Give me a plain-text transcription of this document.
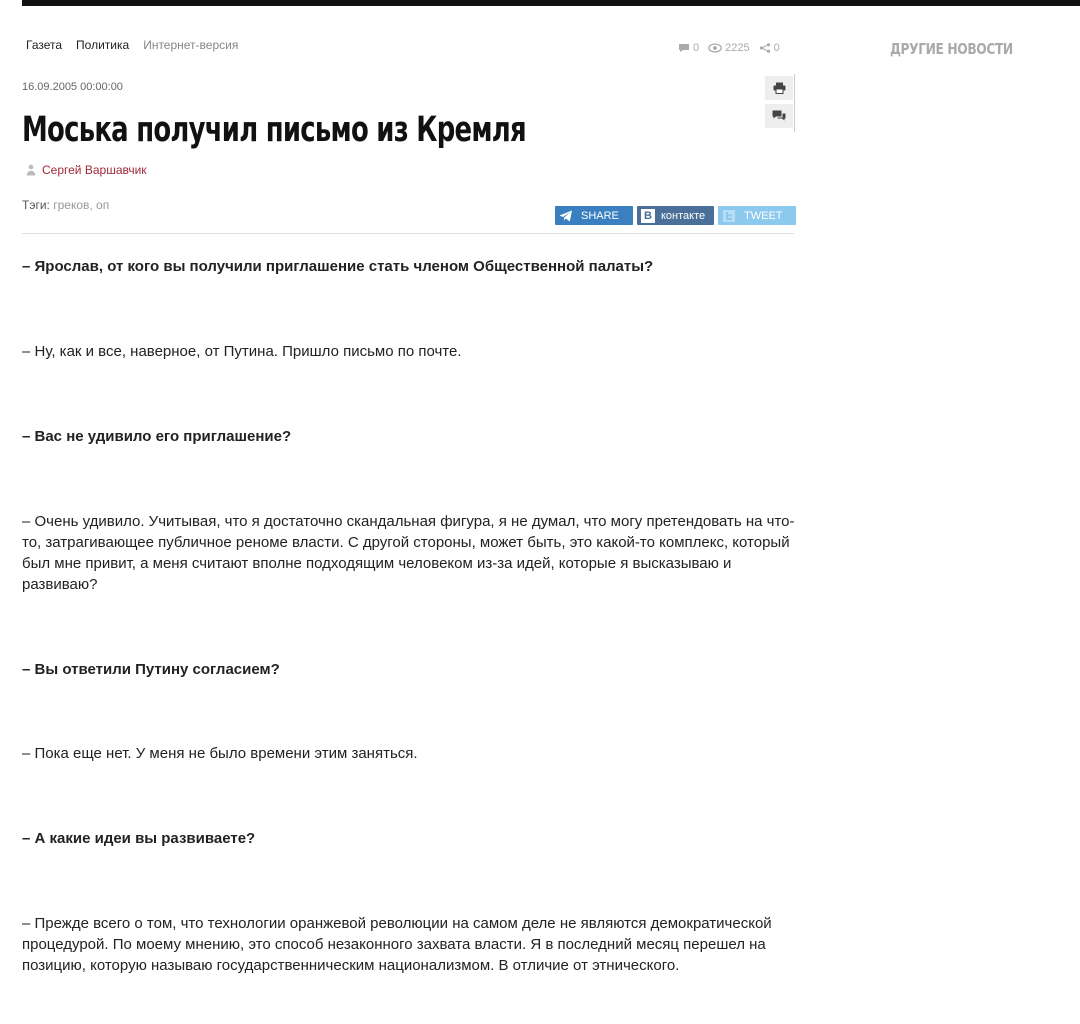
Газета Политика Интернет-версия	0 2225 0	ДРУГИЕ НОВОСТИ
16.09.2005 00:00:00
Моська получил письмо из Кремля
Сергей Варшавчик
Тэги: греков, оп
SHARE В контакте	TWEET

– Ярослав, от кого вы получили приглашение стать членом Общественной палаты?

– Ну, как и все, наверное, от Путина. Пришло письмо по почте.

– Вас не удивило его приглашение?

– Очень удивило. Учитывая, что я достаточно скандальная фигура, я не думал, что могу претендовать на что-то, затрагивающее публичное реноме власти. С другой стороны, может быть, это какой-то комплекс, который был мне привит, а меня считают вполне подходящим человеком из-за идей, которые я высказываю и развиваю?

– Вы ответили Путину согласием?

– Пока еще нет. У меня не было времени этим заняться.

– А какие идеи вы развиваете?

– Прежде всего о том, что технологии оранжевой революции на самом деле не являются демократической процедурой. По моему мнению, это способ незаконного захвата власти. Я в последний месяц перешел на позицию, которую называю государственническим национализмом. В отличие от этнического.
